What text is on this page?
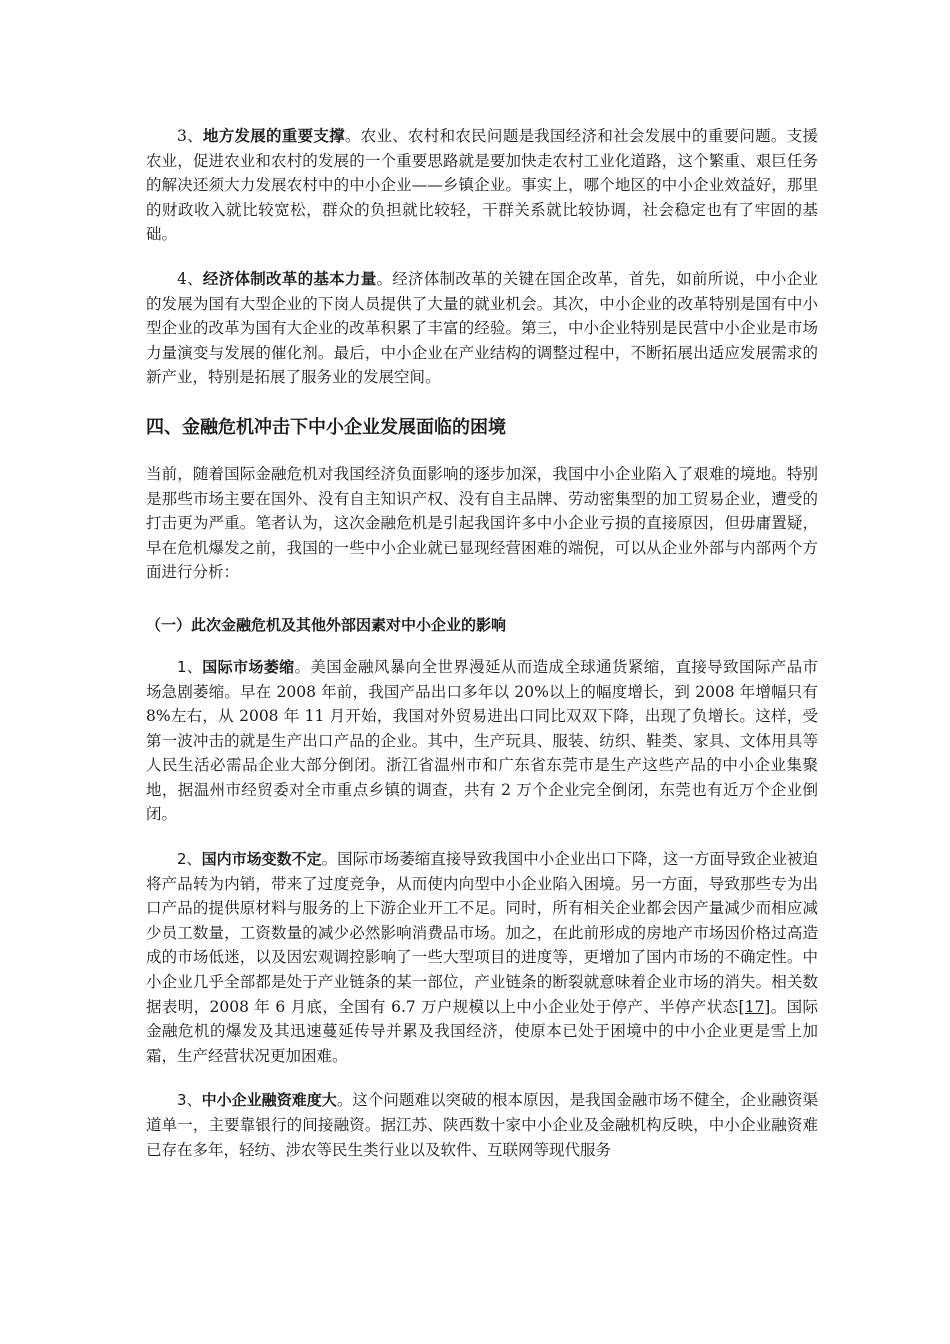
3、地方发展的重要支撑。农业、农村和农民问题是我国经济和社会发展中的重要问题。支援农业，促进农业和农村的发展的一个重要思路就是要加快走农村工业化道路，这个繁重、艰巨任务的解决还须大力发展农村中的中小企业——乡镇企业。事实上，哪个地区的中小企业效益好，那里的财政收入就比较宽松，群众的负担就比较轻，干群关系就比较协调，社会稳定也有了牢固的基础。

4、经济体制改革的基本力量。经济体制改革的关键在国企改革，首先，如前所说，中小企业的发展为国有大型企业的下岗人员提供了大量的就业机会。其次，中小企业的改革特别是国有中小型企业的改革为国有大企业的改革积累了丰富的经验。第三，中小企业特别是民营中小企业是市场力量演变与发展的催化剂。最后，中小企业在产业结构的调整过程中，不断拓展出适应发展需求的新产业，特别是拓展了服务业的发展空间。

四、金融危机冲击下中小企业发展面临的困境

当前，随着国际金融危机对我国经济负面影响的逐步加深，我国中小企业陷入了艰难的境地。特别是那些市场主要在国外、没有自主知识产权、没有自主品牌、劳动密集型的加工贸易企业，遭受的打击更为严重。笔者认为，这次金融危机是引起我国许多中小企业亏损的直接原因，但毋庸置疑，早在危机爆发之前，我国的一些中小企业就已显现经营困难的端倪，可以从企业外部与内部两个方面进行分析：

（一）此次金融危机及其他外部因素对中小企业的影响

1、国际市场萎缩。美国金融风暴向全世界漫延从而造成全球通货紧缩，直接导致国际产品市场急剧萎缩。早在 2008 年前，我国产品出口多年以 20%以上的幅度增长，到 2008 年增幅只有 8%左右，从 2008 年 11 月开始，我国对外贸易进出口同比双双下降，出现了负增长。这样，受第一波冲击的就是生产出口产品的企业。其中，生产玩具、服装、纺织、鞋类、家具、文体用具等人民生活必需品企业大部分倒闭。浙江省温州市和广东省东莞市是生产这些产品的中小企业集聚地，据温州市经贸委对全市重点乡镇的调查，共有 2 万个企业完全倒闭，东莞也有近万个企业倒闭。

2、国内市场变数不定。国际市场萎缩直接导致我国中小企业出口下降，这一方面导致企业被迫将产品转为内销，带来了过度竞争，从而使内向型中小企业陷入困境。另一方面，导致那些专为出口产品的提供原材料与服务的上下游企业开工不足。同时，所有相关企业都会因产量减少而相应减少员工数量，工资数量的减少必然影响消费品市场。加之，在此前形成的房地产市场因价格过高造成的市场低迷，以及因宏观调控影响了一些大型项目的进度等，更增加了国内市场的不确定性。中小企业几乎全部都是处于产业链条的某一部位，产业链条的断裂就意味着企业市场的消失。相关数据表明，2008 年 6 月底，全国有 6.7 万户规模以上中小企业处于停产、半停产状态[17]。国际金融危机的爆发及其迅速蔓延传导并累及我国经济，使原本已处于困境中的中小企业更是雪上加霜，生产经营状况更加困难。

3、中小企业融资难度大。这个问题难以突破的根本原因，是我国金融市场不健全，企业融资渠道单一，主要靠银行的间接融资。据江苏、陕西数十家中小企业及金融机构反映，中小企业融资难已存在多年，轻纺、涉农等民生类行业以及软件、互联网等现代服务
